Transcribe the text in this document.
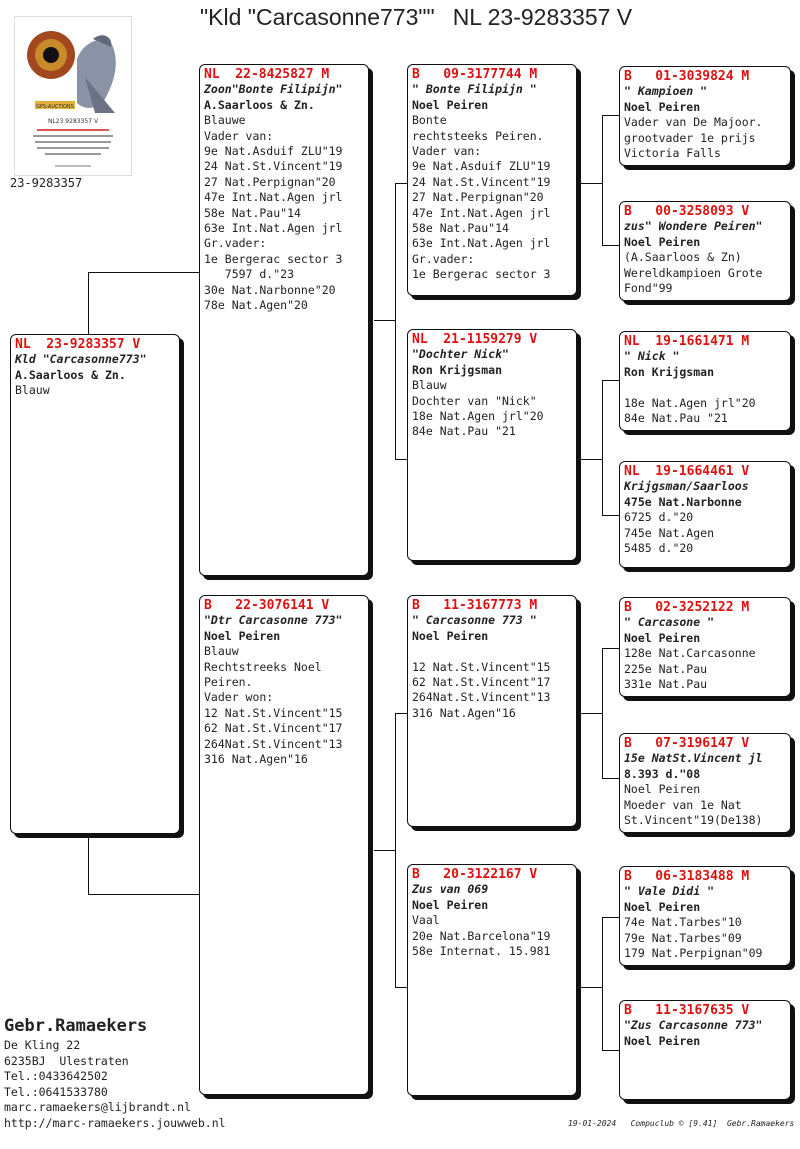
"Kld "Carcasonne773"" NL 23-9283357 V
GPS-AUCTIONS
NL23 9283357 V
23-9283357
NL  23-9283357 V
Kld "Carcasonne773"
A.Saarloos & Zn.
Blauw
NL  22-8425827 M
Zoon"Bonte Filipijn"
A.Saarloos & Zn.
Blauwe
Vader van:
9e Nat.Asduif ZLU"19
24 Nat.St.Vincent"19
27 Nat.Perpignan"20
47e Int.Nat.Agen jrl
58e Nat.Pau"14
63e Int.Nat.Agen jrl
Gr.vader:
1e Bergerac sector 3
7597 d."23
30e Nat.Narbonne"20
78e Nat.Agen"20
B   22-3076141 V
"Dtr Carcasonne 773"
Noel Peiren
Blauw
Rechtstreeks Noel
Peiren.
Vader won:
12 Nat.St.Vincent"15
62 Nat.St.Vincent"17
264Nat.St.Vincent"13
316 Nat.Agen"16
B   09-3177744 M
" Bonte Filipijn "
Noel Peiren
Bonte
rechtsteeks Peiren.
Vader van:
9e Nat.Asduif ZLU"19
24 Nat.St.Vincent"19
27 Nat.Perpignan"20
47e Int.Nat.Agen jrl
58e Nat.Pau"14
63e Int.Nat.Agen jrl
Gr.vader:
1e Bergerac sector 3
NL  21-1159279 V
"Dochter Nick"
Ron Krijgsman
Blauw
Dochter van "Nick"
18e Nat.Agen jrl"20
84e Nat.Pau "21
B   11-3167773 M
" Carcasonne 773 "
Noel Peiren

12 Nat.St.Vincent"15
62 Nat.St.Vincent"17
264Nat.St.Vincent"13
316 Nat.Agen"16
B   20-3122167 V
Zus van 069
Noel Peiren
Vaal
20e Nat.Barcelona"19
58e Internat. 15.981
B   01-3039824 M
" Kampioen "
Noel Peiren
Vader van De Majoor.
grootvader 1e prijs
Victoria Falls
B   00-3258093 V
zus" Wondere Peiren"
Noel Peiren
(A.Saarloos & Zn)
Wereldkampioen Grote
Fond"99
NL  19-1661471 M
" Nick "
Ron Krijgsman

18e Nat.Agen jrl"20
84e Nat.Pau "21
NL  19-1664461 V
Krijgsman/Saarloos
475e Nat.Narbonne
6725 d."20
745e Nat.Agen
5485 d."20
B   02-3252122 M
" Carcasone "
Noel Peiren
128e Nat.Carcasonne
225e Nat.Pau
331e Nat.Pau
B   07-3196147 V
15e NatSt.Vincent jl
8.393 d."08
Noel Peiren
Moeder van 1e Nat
St.Vincent"19(De138)
B   06-3183488 M
" Vale Didi "
Noel Peiren
74e Nat.Tarbes"10
79e Nat.Tarbes"09
179 Nat.Perpignan"09
B   11-3167635 V
"Zus Carcasonne 773"
Noel Peiren
Gebr.Ramaekers
De Kling 22
6235BJ  Ulestraten
Tel.:0433642502
Tel.:0641533780
marc.ramaekers@lijbrandt.nl
http://marc-ramaekers.jouwweb.nl	19-01-2024   Compuclub © [9.41]  Gebr.Ramaekers
